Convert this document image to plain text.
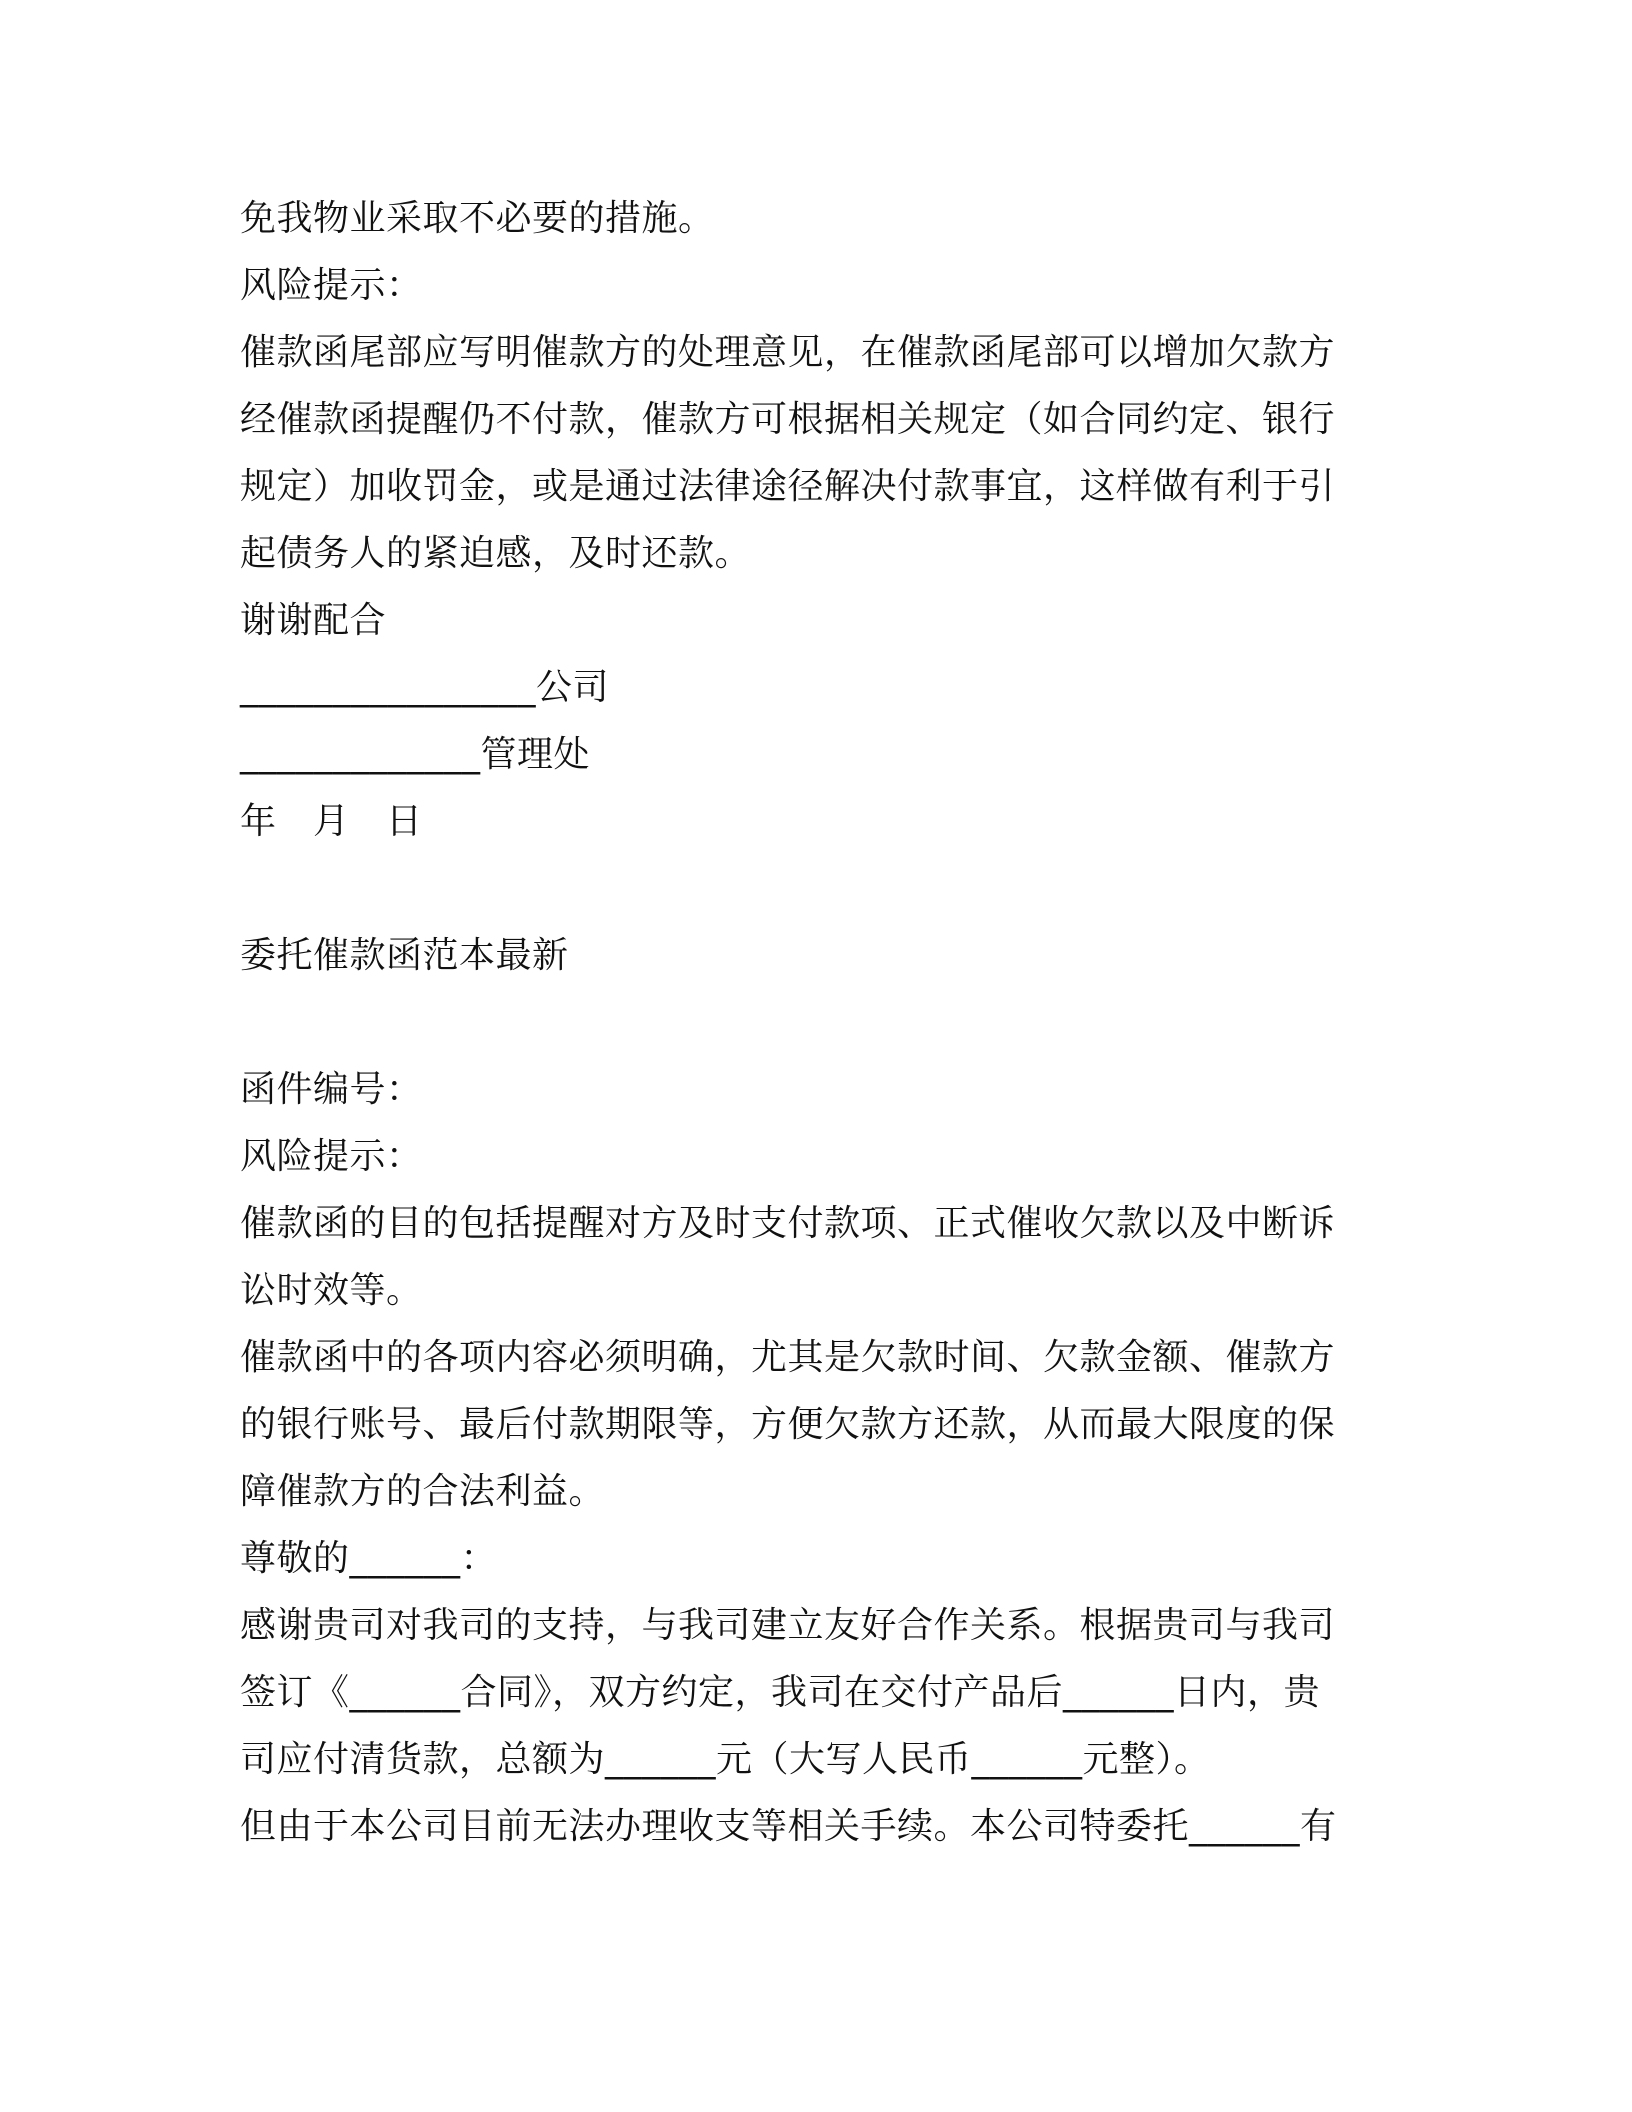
免我物业采取不必要的措施。
风险提示：
催款函尾部应写明催款方的处理意见，在催款函尾部可以增加欠款方
经催款函提醒仍不付款，催款方可根据相关规定（如合同约定、银行
规定）加收罚金，或是通过法律途径解决付款事宜，这样做有利于引
起债务人的紧迫感，及时还款。
谢谢配合
________________公司
_____________管理处
年　月　日
委托催款函范本最新
函件编号：
风险提示：
催款函的目的包括提醒对方及时支付款项、正式催收欠款以及中断诉
讼时效等。
催款函中的各项内容必须明确，尤其是欠款时间、欠款金额、催款方
的银行账号、最后付款期限等，方便欠款方还款，从而最大限度的保
障催款方的合法利益。
尊敬的______：
感谢贵司对我司的支持，与我司建立友好合作关系。根据贵司与我司
签订《______合同》，双方约定，我司在交付产品后______日内，贵
司应付清货款，总额为______元（大写人民币______元整）。
但由于本公司目前无法办理收支等相关手续。本公司特委托______有
